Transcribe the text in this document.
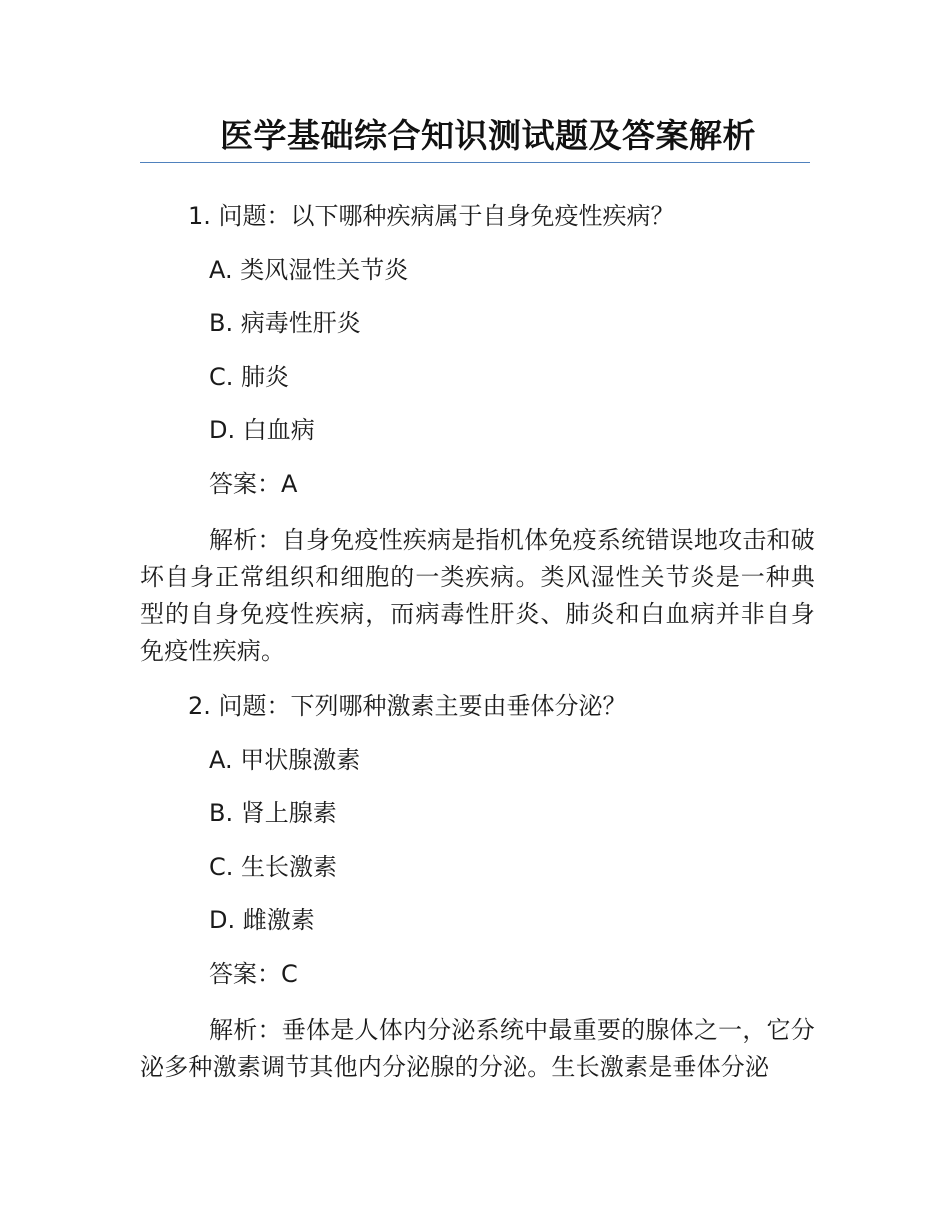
医学基础综合知识测试题及答案解析

1. 问题：以下哪种疾病属于自身免疫性疾病？

A. 类风湿性关节炎

B. 病毒性肝炎

C. 肺炎

D. 白血病

答案：A

解析：自身免疫性疾病是指机体免疫系统错误地攻击和破坏自身正常组织和细胞的一类疾病。类风湿性关节炎是一种典型的自身免疫性疾病，而病毒性肝炎、肺炎和白血病并非自身免疫性疾病。

2. 问题：下列哪种激素主要由垂体分泌？

A. 甲状腺激素

B. 肾上腺素

C. 生长激素

D. 雌激素

答案：C

解析：垂体是人体内分泌系统中最重要的腺体之一，它分泌多种激素调节其他内分泌腺的分泌。生长激素是垂体分泌
